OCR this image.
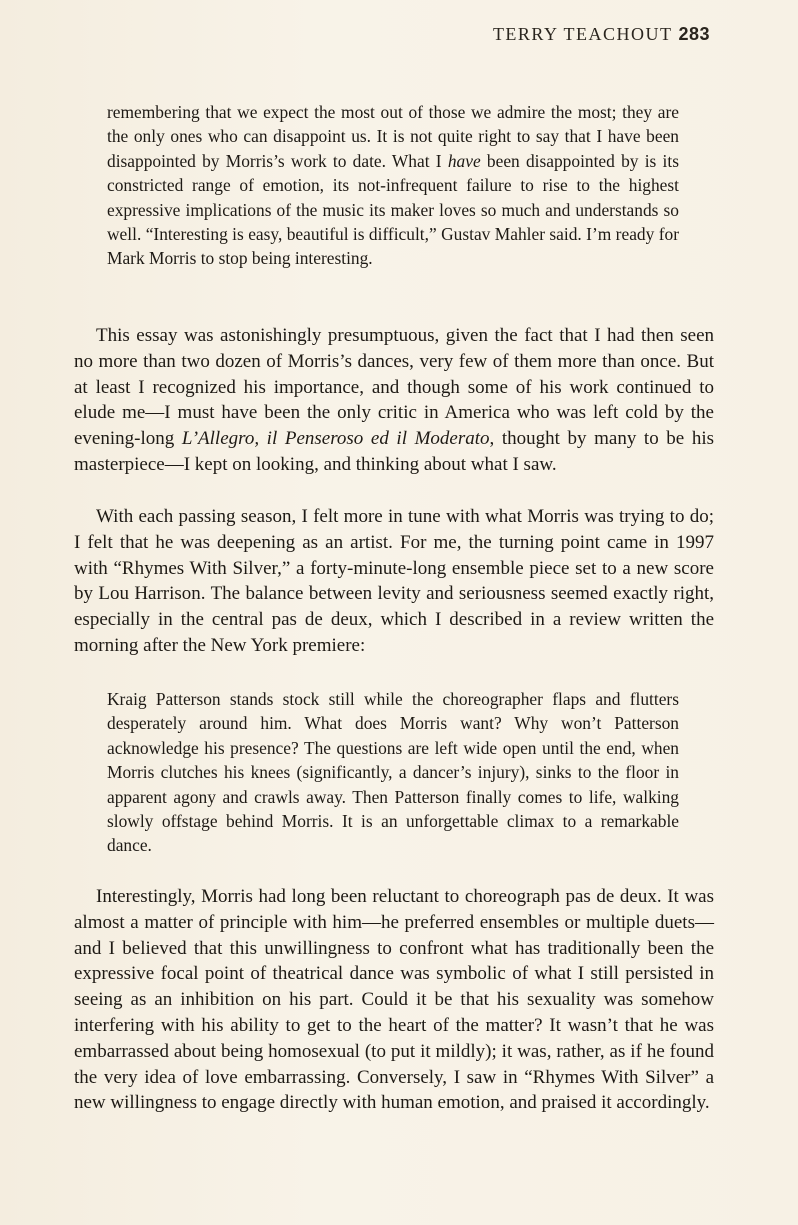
TERRY TEACHOUT 283

remembering that we expect the most out of those we admire the most; they are the only ones who can disappoint us. It is not quite right to say that I have been disappointed by Morris’s work to date. What I have been disappointed by is its constricted range of emotion, its not-infrequent failure to rise to the highest expressive implications of the music its maker loves so much and understands so well. “Interesting is easy, beautiful is difficult,” Gustav Mahler said. I’m ready for Mark Morris to stop being interesting.

This essay was astonishingly presumptuous, given the fact that I had then seen no more than two dozen of Morris’s dances, very few of them more than once. But at least I recognized his importance, and though some of his work continued to elude me—I must have been the only critic in America who was left cold by the evening-long L’Allegro, il Penseroso ed il Moderato, thought by many to be his masterpiece—I kept on looking, and thinking about what I saw.

With each passing season, I felt more in tune with what Morris was trying to do; I felt that he was deepening as an artist. For me, the turning point came in 1997 with “Rhymes With Silver,” a forty-minute-long ensemble piece set to a new score by Lou Harrison. The balance between levity and seriousness seemed exactly right, especially in the central pas de deux, which I described in a review written the morning after the New York premiere:

Kraig Patterson stands stock still while the choreographer flaps and flutters desperately around him. What does Morris want? Why won’t Patterson acknowledge his presence? The questions are left wide open until the end, when Morris clutches his knees (significantly, a dancer’s injury), sinks to the floor in apparent agony and crawls away. Then Patterson finally comes to life, walking slowly offstage behind Morris. It is an unforgettable climax to a remarkable dance.

Interestingly, Morris had long been reluctant to choreograph pas de deux. It was almost a matter of principle with him—he preferred ensembles or multiple duets—and I believed that this unwillingness to confront what has traditionally been the expressive focal point of theatrical dance was symbolic of what I still persisted in seeing as an inhibition on his part. Could it be that his sexuality was somehow interfering with his ability to get to the heart of the matter? It wasn’t that he was embarrassed about being homosexual (to put it mildly); it was, rather, as if he found the very idea of love embarrassing. Conversely, I saw in “Rhymes With Silver” a new willingness to engage directly with human emotion, and praised it accordingly.
